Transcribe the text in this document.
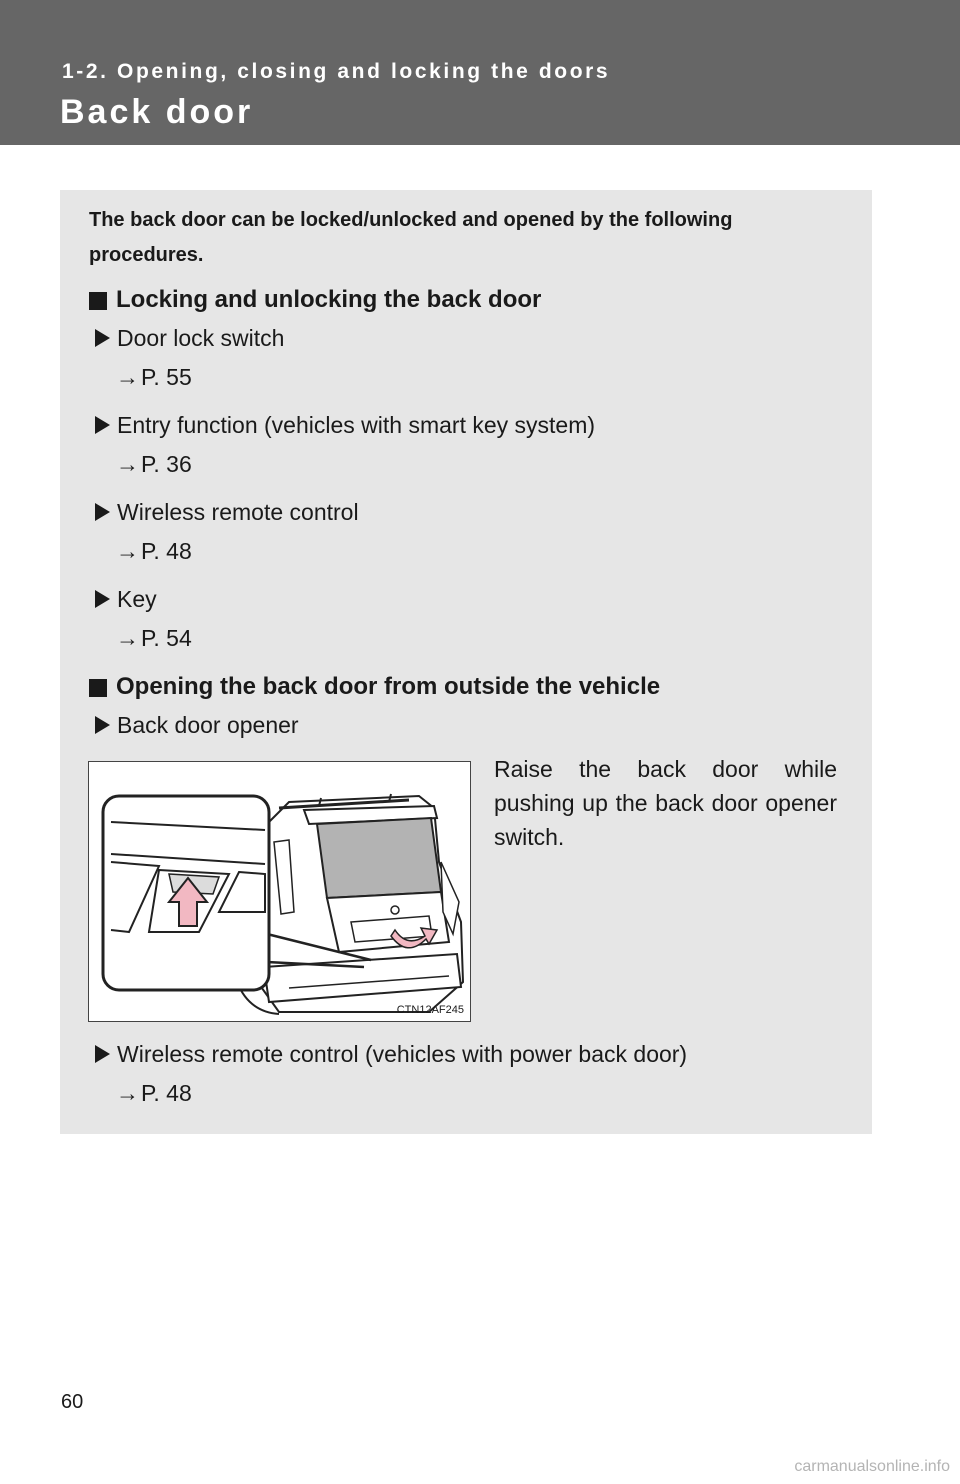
1-2. Opening, closing and locking the doors
Back door
The back door can be locked/unlocked and opened by the following procedures.
Locking and unlocking the back door
Door lock switch
→ P. 55
Entry function (vehicles with smart key system)
→ P. 36
Wireless remote control
→ P. 48
Key
→ P. 54
Opening the back door from outside the vehicle
Back door opener
CTN12AF245
Raise the back door while pushing up the back door opener switch.
Wireless remote control (vehicles with power back door)
→ P. 48
60
carmanualsonline.info
